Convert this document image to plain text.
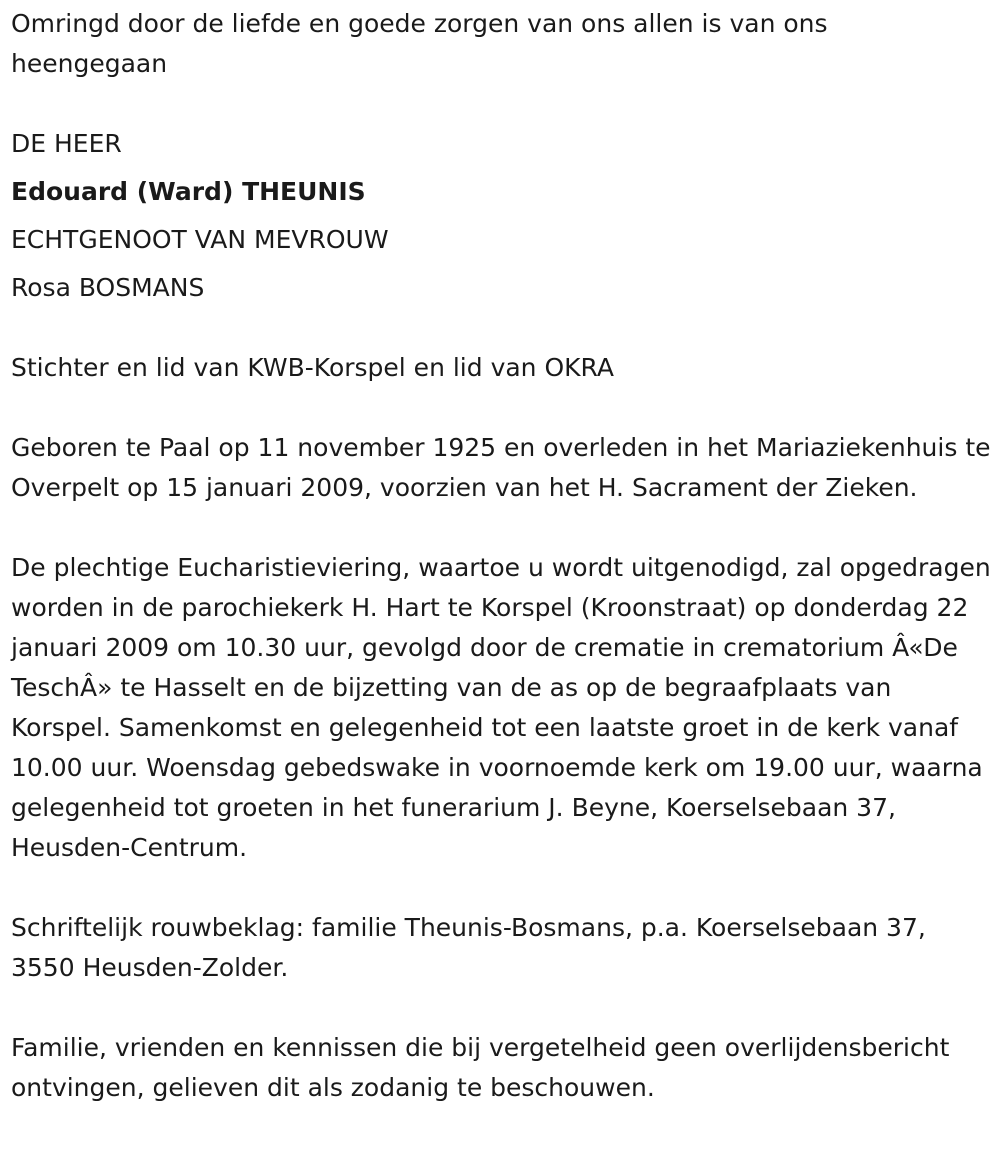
Omringd door de liefde en goede zorgen van ons allen is van ons heengegaan

DE HEER

Edouard (Ward) THEUNIS

ECHTGENOOT VAN MEVROUW

Rosa BOSMANS

Stichter en lid van KWB-Korspel en lid van OKRA

Geboren te Paal op 11 november 1925 en overleden in het Mariaziekenhuis te Overpelt op 15 januari 2009, voorzien van het H. Sacrament der Zieken.

De plechtige Eucharistieviering, waartoe u wordt uitgenodigd, zal opgedragen worden in de parochiekerk H. Hart te Korspel (Kroonstraat) op donderdag 22 januari 2009 om 10.30 uur, gevolgd door de crematie in crematorium Â«De TeschÂ» te Hasselt en de bijzetting van de as op de begraafplaats van Korspel. Samenkomst en gelegenheid tot een laatste groet in de kerk vanaf 10.00 uur. Woensdag gebedswake in voornoemde kerk om 19.00 uur, waarna gelegenheid tot groeten in het funerarium J. Beyne, Koerselsebaan 37, Heusden-Centrum.

Schriftelijk rouwbeklag: familie Theunis-Bosmans, p.a. Koerselsebaan 37, 3550 Heusden-Zolder.

Familie, vrienden en kennissen die bij vergetelheid geen overlijdensbericht ontvingen, gelieven dit als zodanig te beschouwen.
